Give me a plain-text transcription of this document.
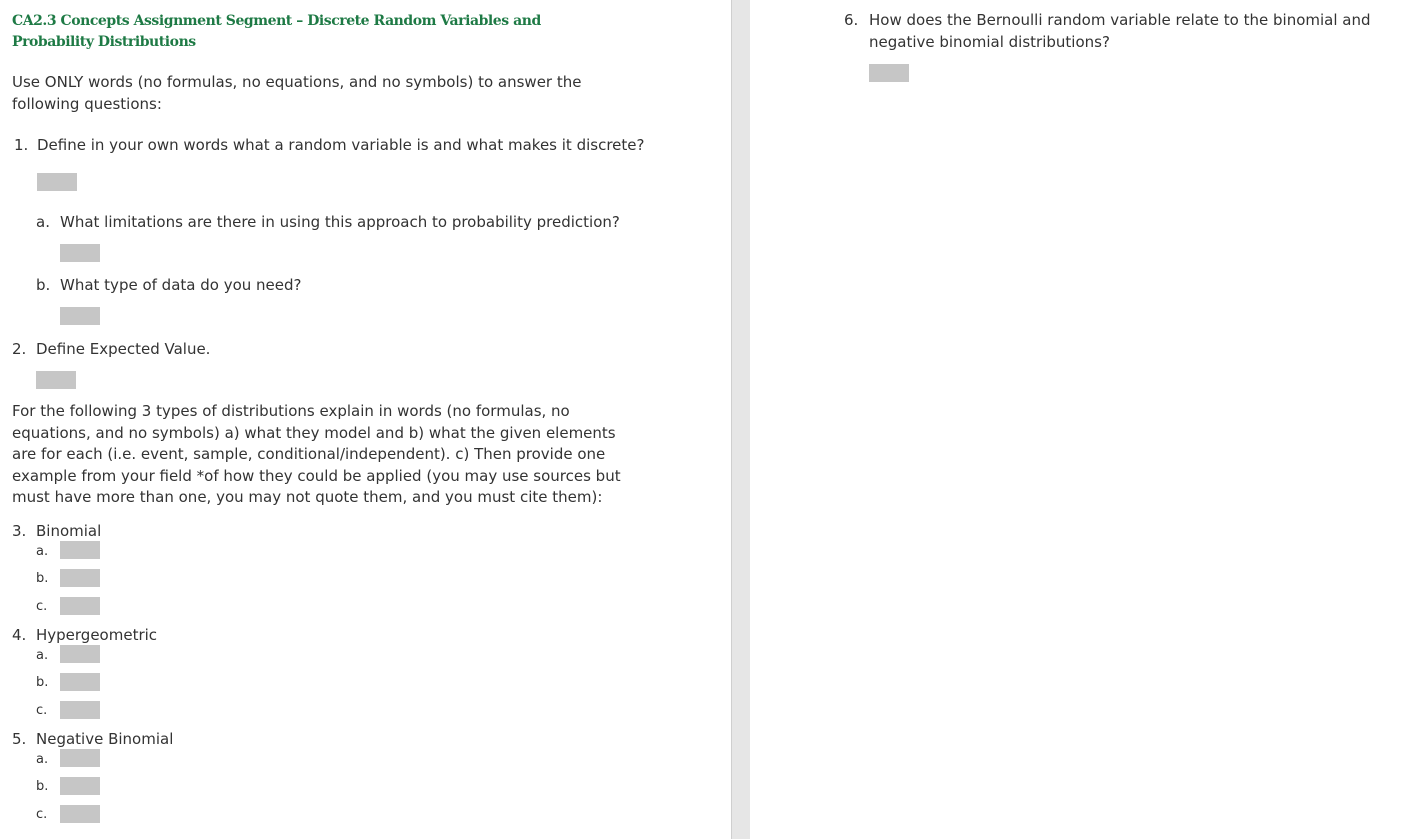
CA2.3 Concepts Assignment Segment – Discrete Random Variables and Probability Distributions

Use ONLY words (no formulas, no equations, and no symbols) to answer the following questions:

1. Define in your own words what a random variable is and what makes it discrete?
a. What limitations are there in using this approach to probability prediction?
b. What type of data do you need?
2. Define Expected Value.

For the following 3 types of distributions explain in words (no formulas, no equations, and no symbols) a) what they model and b) what the given elements are for each (i.e. event, sample, conditional/independent). c) Then provide one example from your field *of how they could be applied (you may use sources but must have more than one, you may not quote them, and you must cite them):

3. Binomial
a.
b.
c.
4. Hypergeometric
a.
b.
c.
5. Negative Binomial
a.
b.
c.
6. How does the Bernoulli random variable relate to the binomial and negative binomial distributions?
